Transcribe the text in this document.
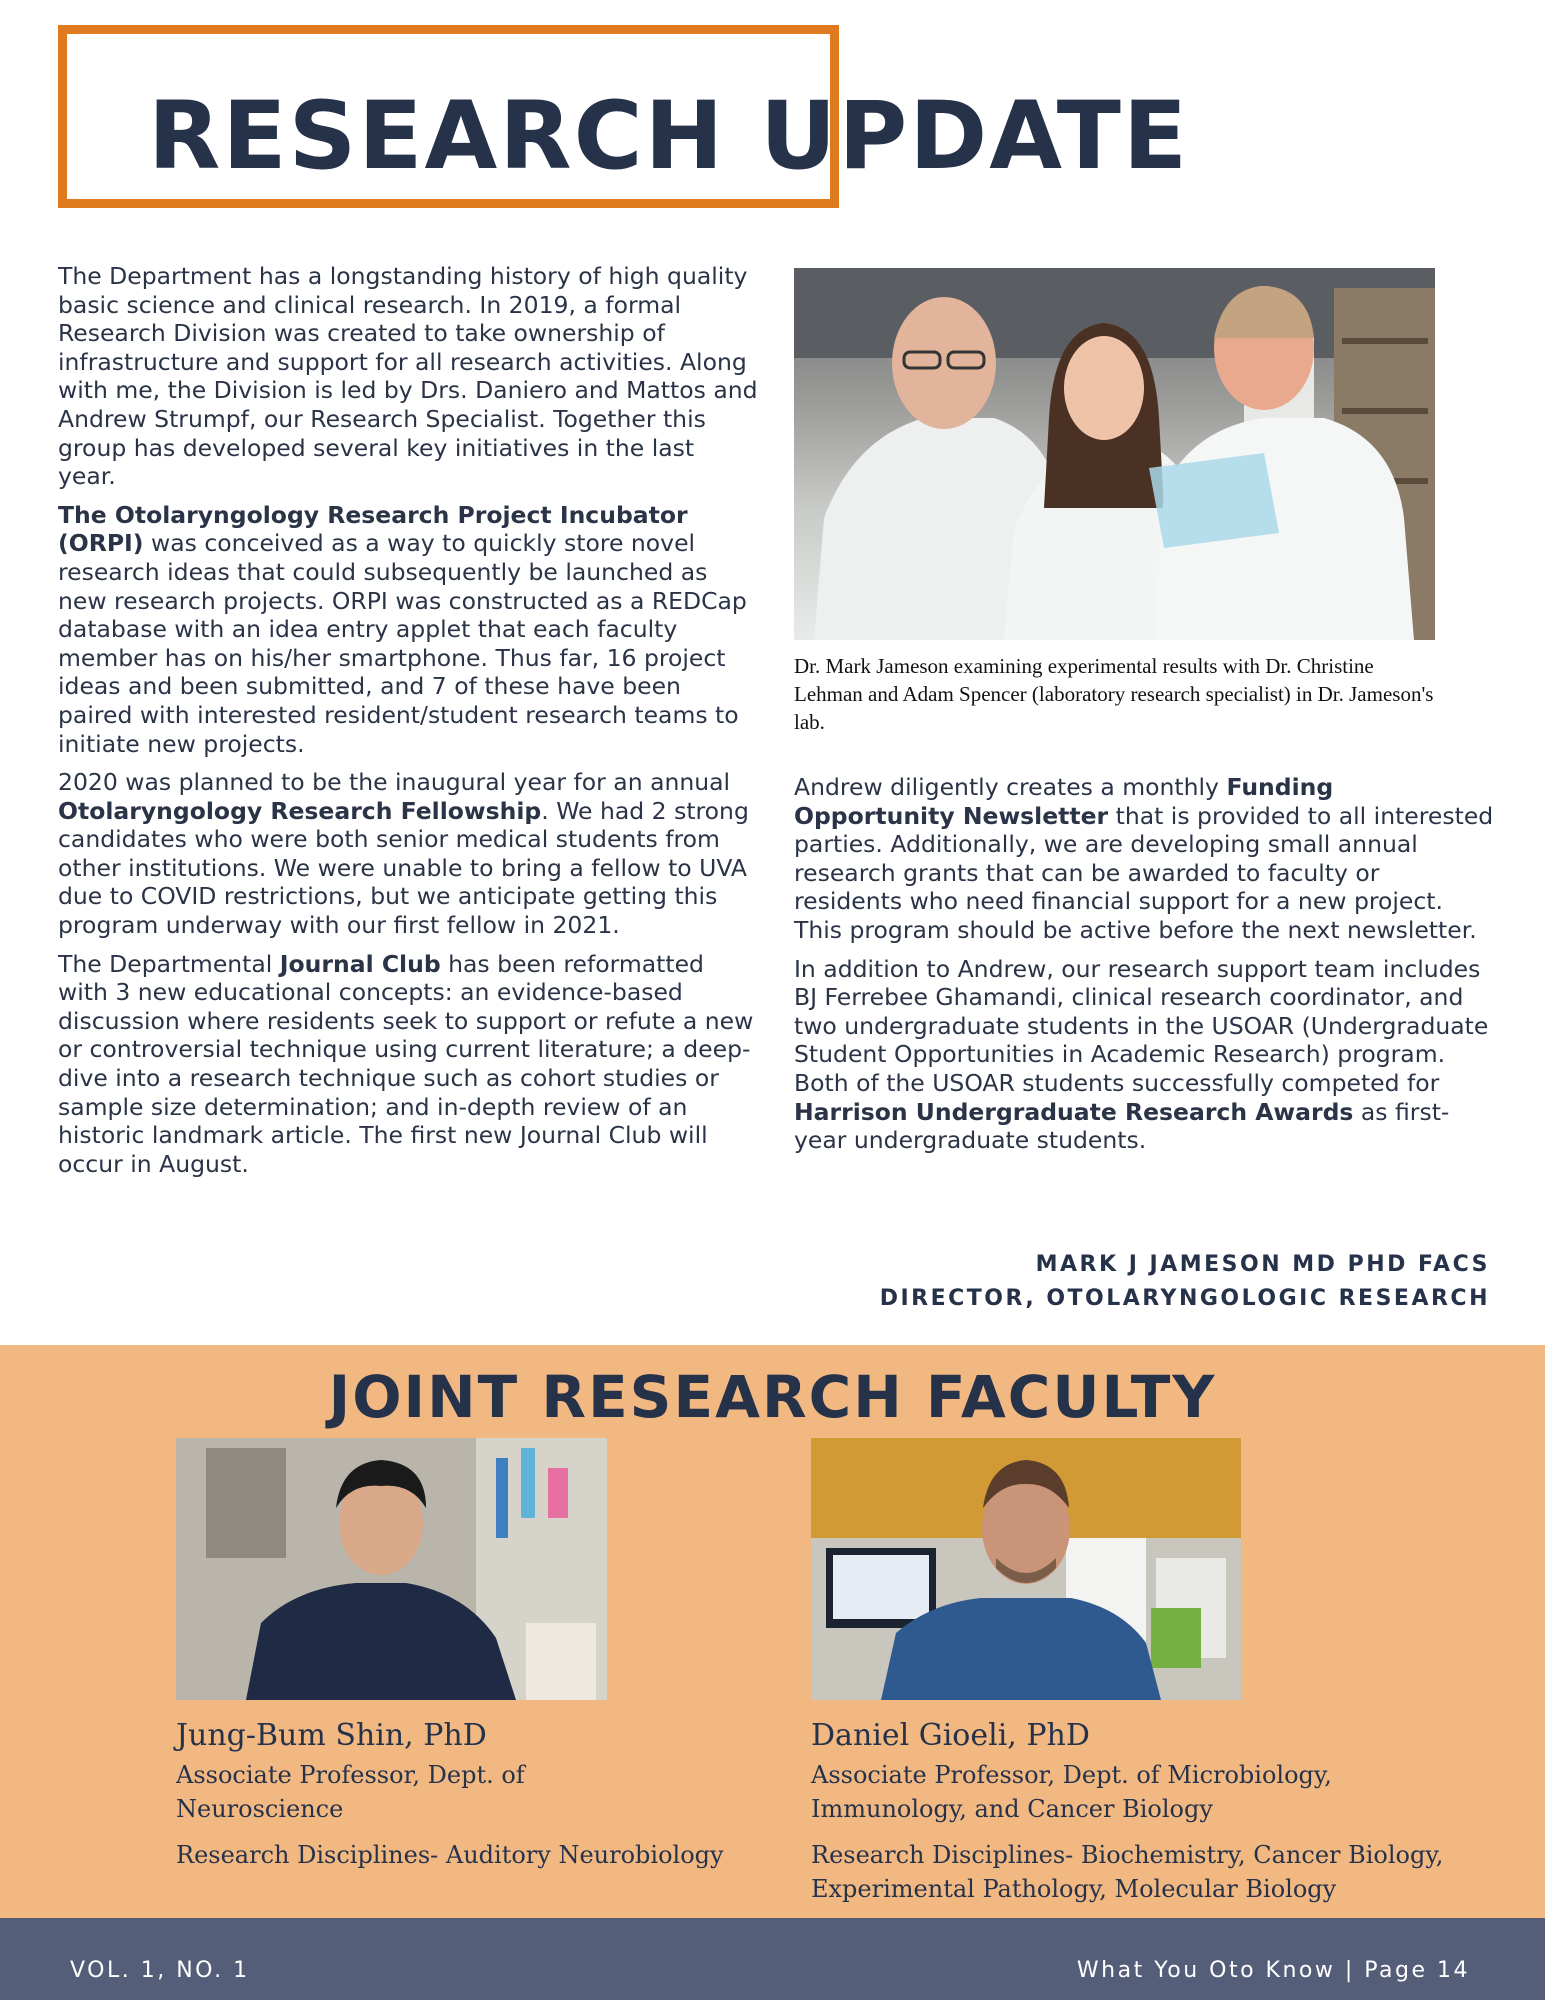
RESEARCH UPDATE

The Department has a longstanding history of high quality basic science and clinical research. In 2019, a formal Research Division was created to take ownership of infrastructure and support for all research activities. Along with me, the Division is led by Drs. Daniero and Mattos and Andrew Strumpf, our Research Specialist. Together this group has developed several key initiatives in the last year.

The Otolaryngology Research Project Incubator (ORPI) was conceived as a way to quickly store novel research ideas that could subsequently be launched as new research projects. ORPI was constructed as a REDCap database with an idea entry applet that each faculty member has on his/her smartphone. Thus far, 16 project ideas and been submitted, and 7 of these have been paired with interested resident/student research teams to initiate new projects.

2020 was planned to be the inaugural year for an annual Otolaryngology Research Fellowship. We had 2 strong candidates who were both senior medical students from other institutions. We were unable to bring a fellow to UVA due to COVID restrictions, but we anticipate getting this program underway with our first fellow in 2021.

The Departmental Journal Club has been reformatted with 3 new educational concepts: an evidence-based discussion where residents seek to support or refute a new or controversial technique using current literature; a deep-dive into a research technique such as cohort studies or sample size determination; and in-depth review of an historic landmark article. The first new Journal Club will occur in August.

Dr. Mark Jameson examining experimental results with Dr. Christine Lehman and Adam Spencer (laboratory research specialist) in Dr. Jameson's lab.

Andrew diligently creates a monthly Funding Opportunity Newsletter that is provided to all interested parties. Additionally, we are developing small annual research grants that can be awarded to faculty or residents who need financial support for a new project. This program should be active before the next newsletter.

In addition to Andrew, our research support team includes BJ Ferrebee Ghamandi, clinical research coordinator, and two undergraduate students in the USOAR (Undergraduate Student Opportunities in Academic Research) program. Both of the USOAR students successfully competed for Harrison Undergraduate Research Awards as first-year undergraduate students.

MARK J JAMESON MD PHD FACS
DIRECTOR, OTOLARYNGOLOGIC RESEARCH
JOINT RESEARCH FACULTY

Jung-Bum Shin, PhD

Associate Professor, Dept. of Neuroscience

Research Disciplines- Auditory Neurobiology

Daniel Gioeli, PhD

Associate Professor, Dept. of Microbiology, Immunology, and Cancer Biology

Research Disciplines- Biochemistry, Cancer Biology, Experimental Pathology, Molecular Biology

VOL. 1, NO. 1	What You Oto Know | Page 14
